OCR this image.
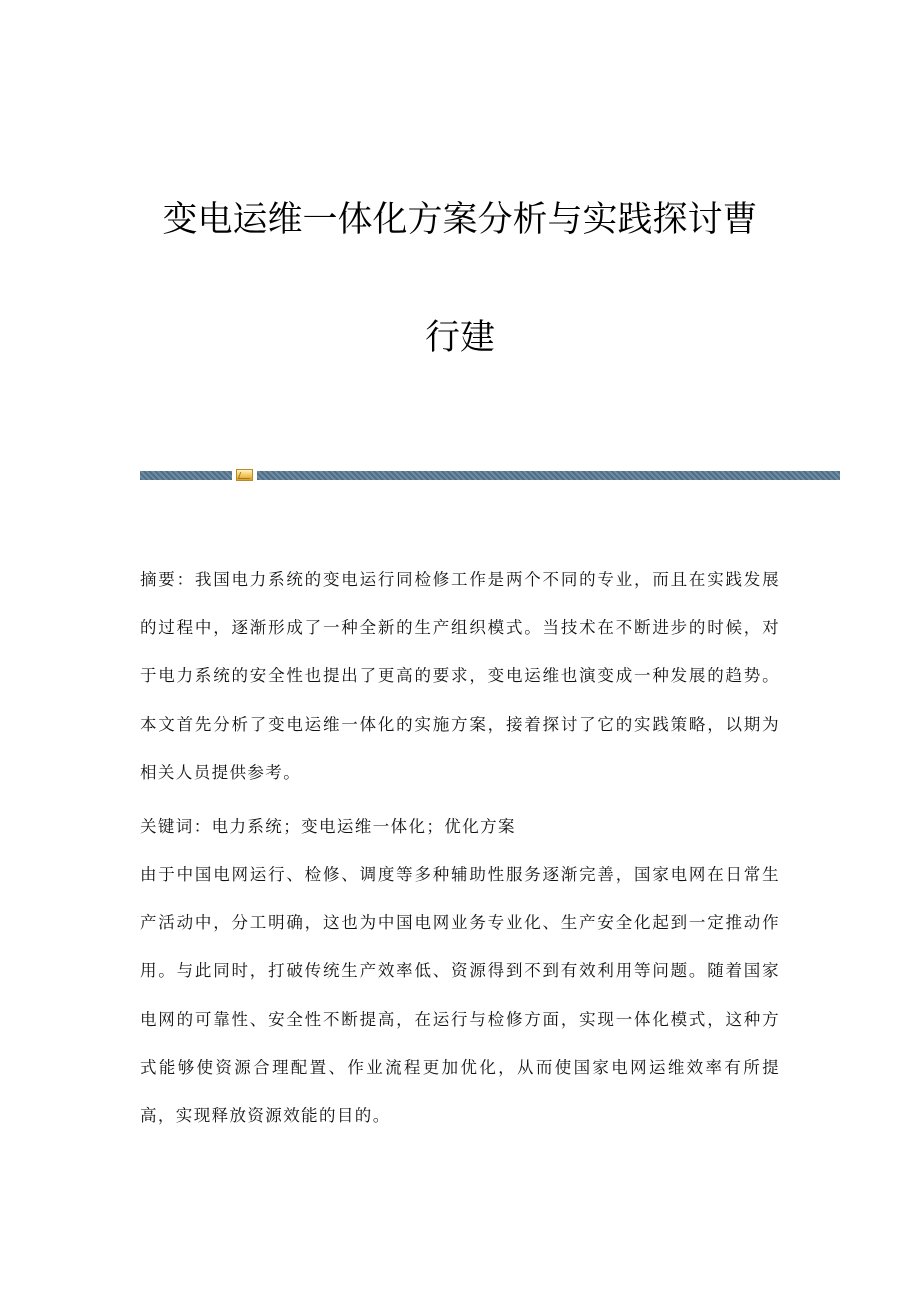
变电运维一体化方案分析与实践探讨曹
行建

摘要：我国电力系统的变电运行同检修工作是两个不同的专业，而且在实践发展的过程中，逐渐形成了一种全新的生产组织模式。当技术在不断进步的时候，对于电力系统的安全性也提出了更高的要求，变电运维也演变成一种发展的趋势。本文首先分析了变电运维一体化的实施方案，接着探讨了它的实践策略，以期为相关人员提供参考。

关键词：电力系统；变电运维一体化；优化方案

由于中国电网运行、检修、调度等多种辅助性服务逐渐完善，国家电网在日常生产活动中，分工明确，这也为中国电网业务专业化、生产安全化起到一定推动作用。与此同时，打破传统生产效率低、资源得到不到有效利用等问题。随着国家电网的可靠性、安全性不断提高，在运行与检修方面，实现一体化模式，这种方式能够使资源合理配置、作业流程更加优化，从而使国家电网运维效率有所提高，实现释放资源效能的目的。
